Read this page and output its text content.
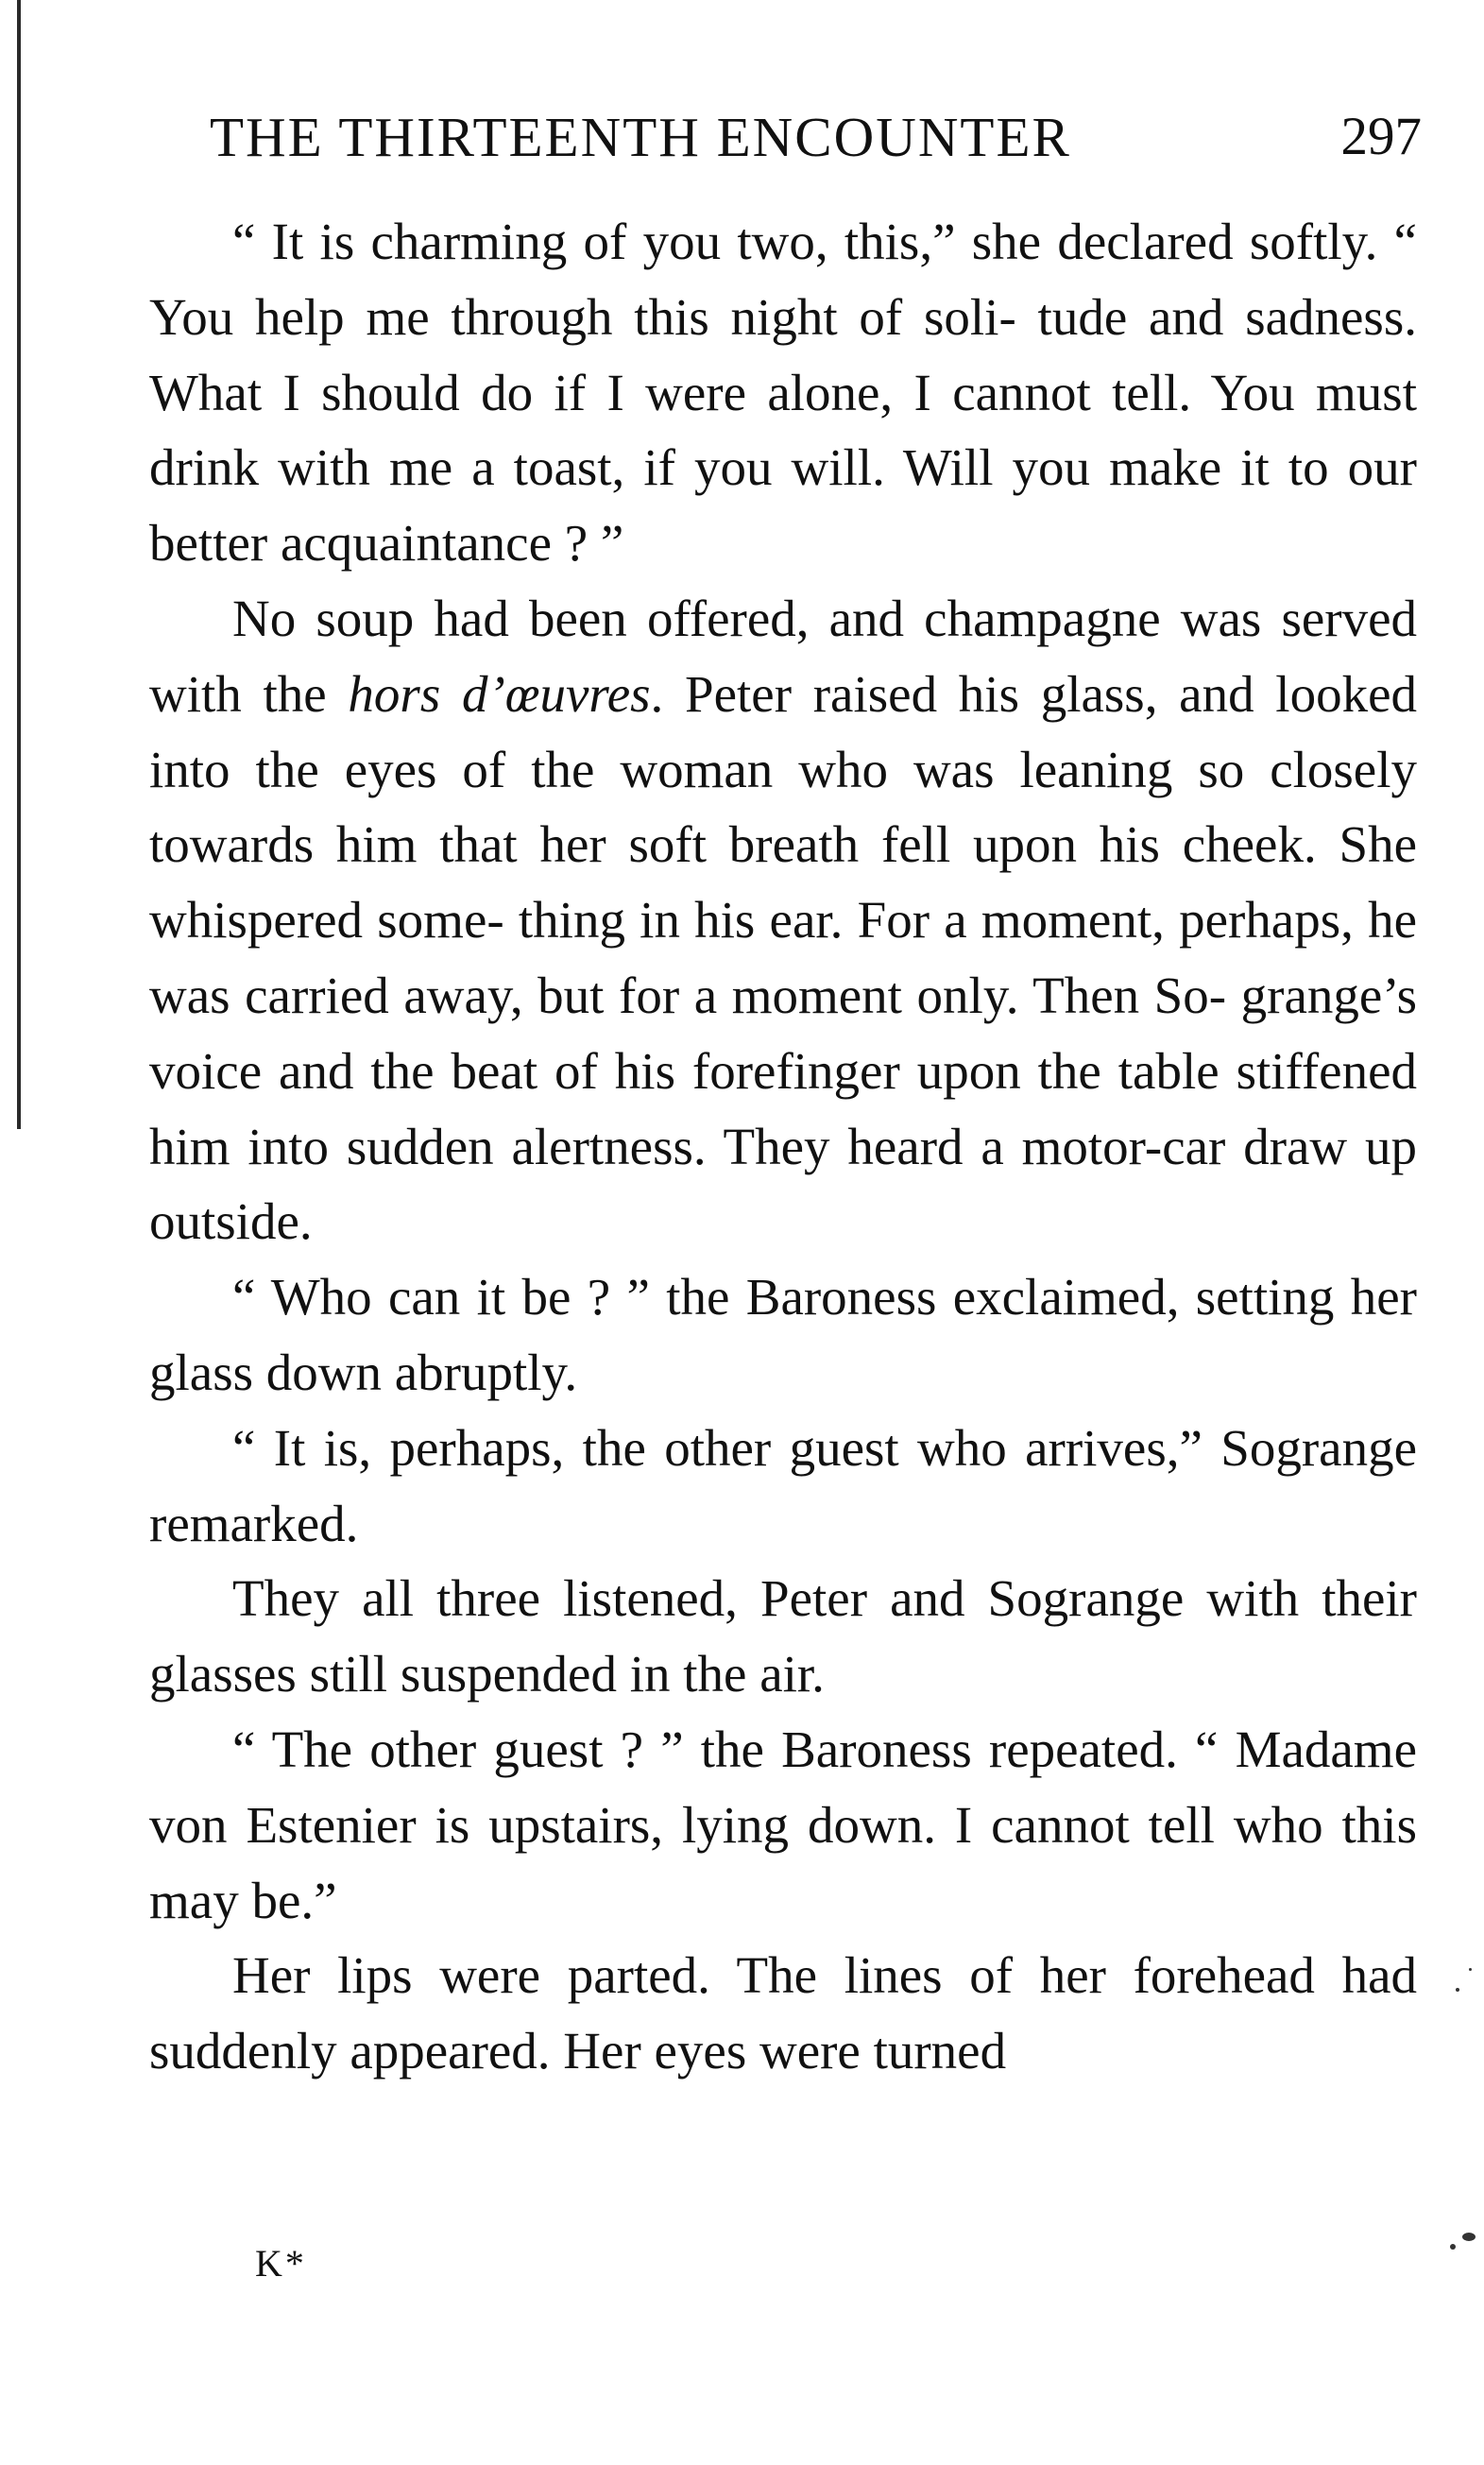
THE THIRTEENTH ENCOUNTER	297

“ It is charming of you two, this,” she declared softly. “ You help me through this night of soli- tude and sadness. What I should do if I were alone, I cannot tell. You must drink with me a toast, if you will. Will you make it to our better acquaintance ? ”

No soup had been offered, and champagne was served with the hors d’œuvres. Peter raised his glass, and looked into the eyes of the woman who was leaning so closely towards him that her soft breath fell upon his cheek. She whispered some- thing in his ear. For a moment, perhaps, he was carried away, but for a moment only. Then So- grange’s voice and the beat of his forefinger upon the table stiffened him into sudden alertness. They heard a motor-car draw up outside.

“ Who can it be ? ” the Baroness exclaimed, setting her glass down abruptly.

“ It is, perhaps, the other guest who arrives,” Sogrange remarked.

They all three listened, Peter and Sogrange with their glasses still suspended in the air.

“ The other guest ? ” the Baroness repeated. “ Madame von Estenier is upstairs, lying down. I cannot tell who this may be.”

Her lips were parted. The lines of her forehead had suddenly appeared. Her eyes were turned

K*
